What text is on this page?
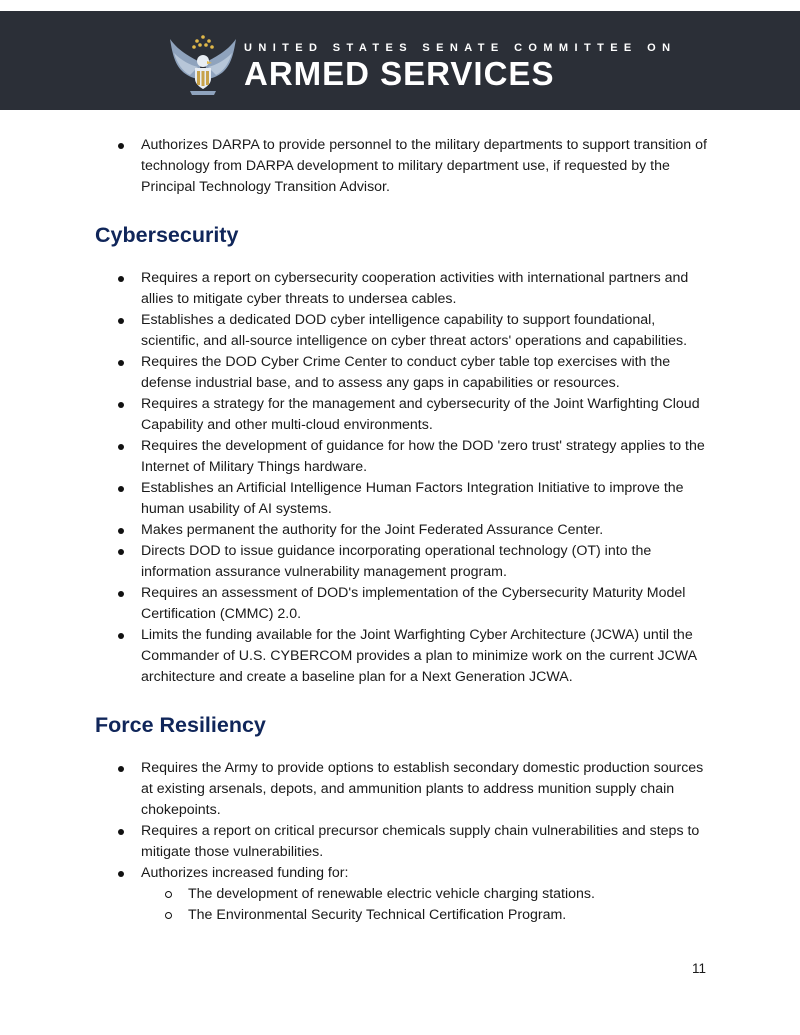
UNITED STATES SENATE COMMITTEE ON
ARMED SERVICES
Authorizes DARPA to provide personnel to the military departments to support transition of technology from DARPA development to military department use, if requested by the Principal Technology Transition Advisor.
Cybersecurity
Requires a report on cybersecurity cooperation activities with international partners and allies to mitigate cyber threats to undersea cables.
Establishes a dedicated DOD cyber intelligence capability to support foundational, scientific, and all-source intelligence on cyber threat actors' operations and capabilities.
Requires the DOD Cyber Crime Center to conduct cyber table top exercises with the defense industrial base, and to assess any gaps in capabilities or resources.
Requires a strategy for the management and cybersecurity of the Joint Warfighting Cloud Capability and other multi-cloud environments.
Requires the development of guidance for how the DOD 'zero trust' strategy applies to the Internet of Military Things hardware.
Establishes an Artificial Intelligence Human Factors Integration Initiative to improve the human usability of AI systems.
Makes permanent the authority for the Joint Federated Assurance Center.
Directs DOD to issue guidance incorporating operational technology (OT) into the information assurance vulnerability management program.
Requires an assessment of DOD's implementation of the Cybersecurity Maturity Model Certification (CMMC) 2.0.
Limits the funding available for the Joint Warfighting Cyber Architecture (JCWA) until the Commander of U.S. CYBERCOM provides a plan to minimize work on the current JCWA architecture and create a baseline plan for a Next Generation JCWA.
Force Resiliency
Requires the Army to provide options to establish secondary domestic production sources at existing arsenals, depots, and ammunition plants to address munition supply chain chokepoints.
Requires a report on critical precursor chemicals supply chain vulnerabilities and steps to mitigate those vulnerabilities.
Authorizes increased funding for:
The development of renewable electric vehicle charging stations.
The Environmental Security Technical Certification Program.
11
